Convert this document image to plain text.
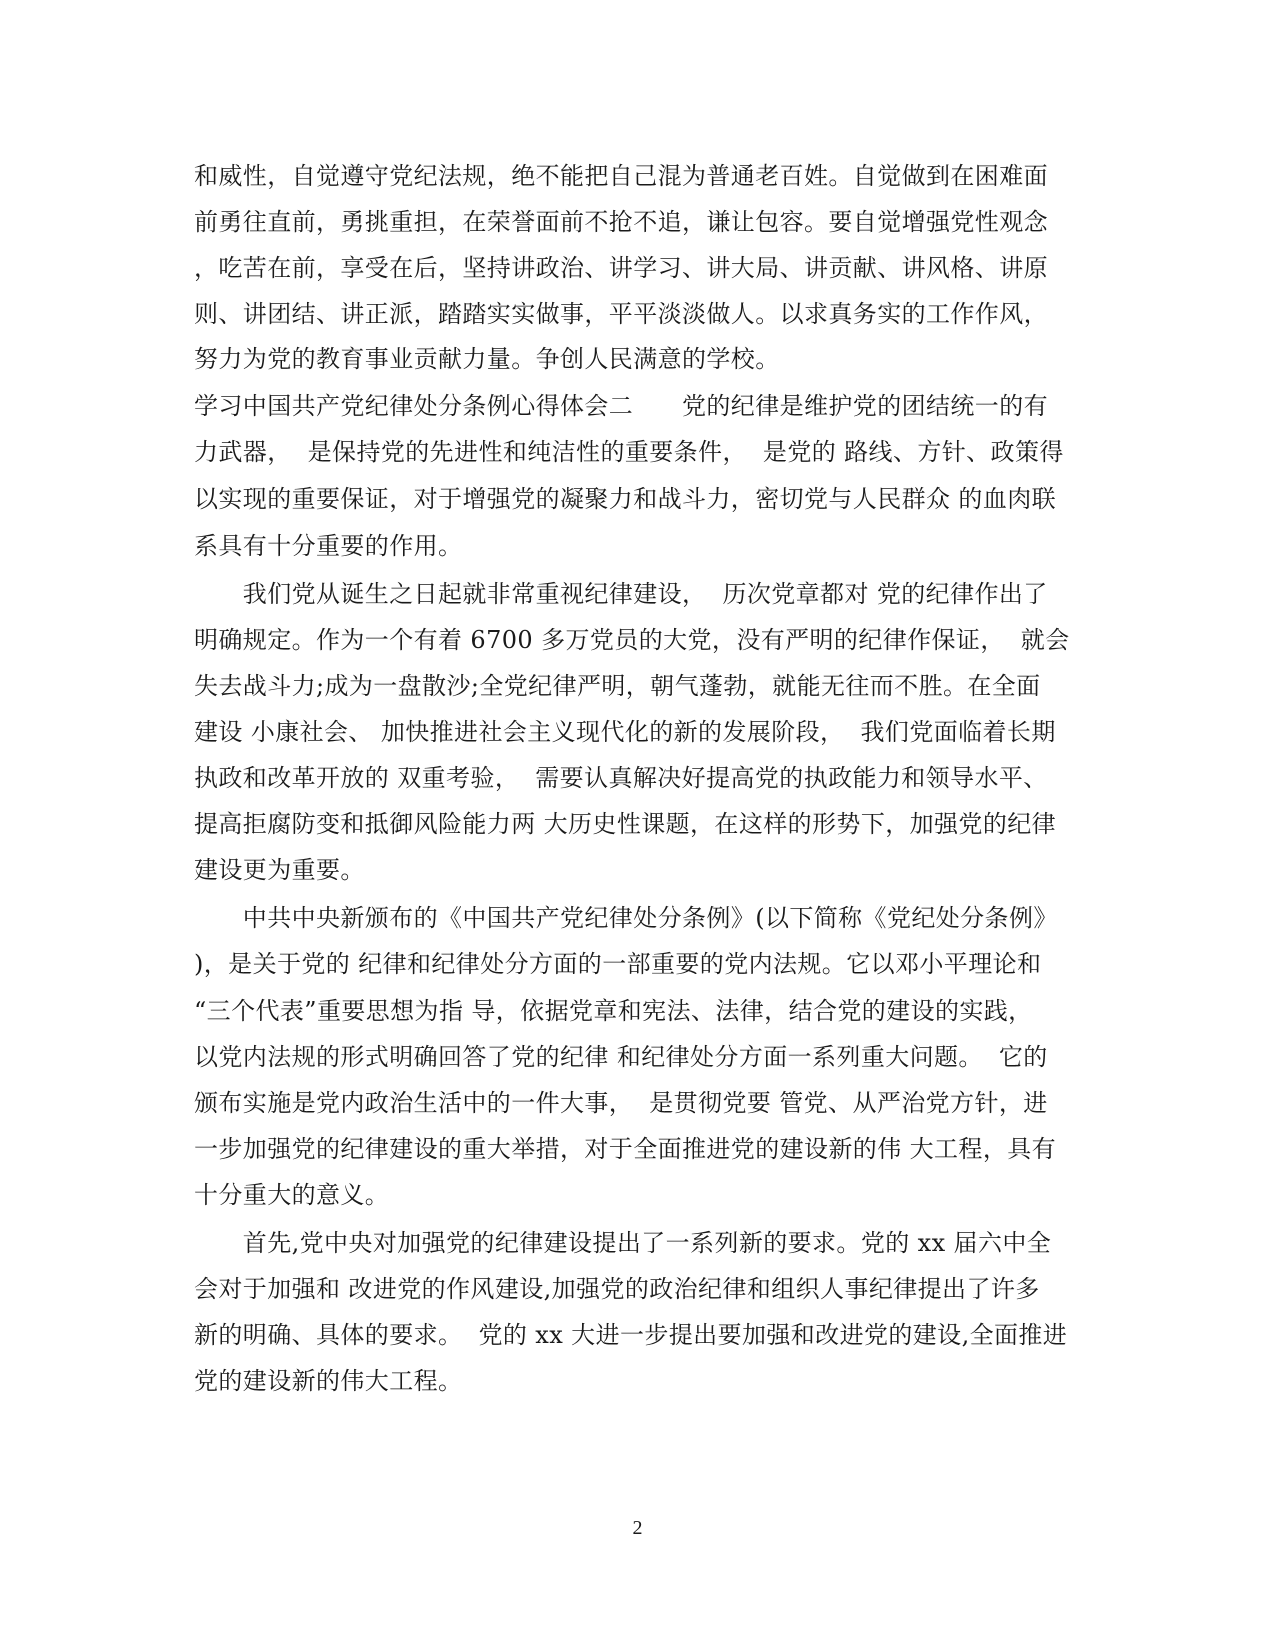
和威性，自觉遵守党纪法规，绝不能把自己混为普通老百姓。自觉做到在困难面
前勇往直前，勇挑重担，在荣誉面前不抢不追，谦让包容。要自觉增强党性观念
，吃苦在前，享受在后，坚持讲政治、讲学习、讲大局、讲贡献、讲风格、讲原
则、讲团结、讲正派，踏踏实实做事，平平淡淡做人。以求真务实的工作作风，
努力为党的教育事业贡献力量。争创人民满意的学校。
学习中国共产党纪律处分条例心得体会二　　党的纪律是维护党的团结统一的有
力武器，  是保持党的先进性和纯洁性的重要条件，  是党的 路线、方针、政策得
以实现的重要保证，对于增强党的凝聚力和战斗力，密切党与人民群众 的血肉联
系具有十分重要的作用。
　　我们党从诞生之日起就非常重视纪律建设，  历次党章都对 党的纪律作出了
明确规定。作为一个有着 6700 多万党员的大党，没有严明的纪律作保证，  就会
失去战斗力;成为一盘散沙;全党纪律严明，朝气蓬勃，就能无往而不胜。在全面
建设 小康社会、 加快推进社会主义现代化的新的发展阶段，  我们党面临着长期
执政和改革开放的 双重考验，  需要认真解决好提高党的执政能力和领导水平、
提高拒腐防变和抵御风险能力两 大历史性课题，在这样的形势下，加强党的纪律
建设更为重要。
　　中共中央新颁布的《中国共产党纪律处分条例》(以下简称《党纪处分条例》
)，是关于党的 纪律和纪律处分方面的一部重要的党内法规。它以邓小平理论和
“三个代表”重要思想为指 导，依据党章和宪法、法律，结合党的建设的实践，
以党内法规的形式明确回答了党的纪律 和纪律处分方面一系列重大问题。  它的
颁布实施是党内政治生活中的一件大事，  是贯彻党要 管党、从严治党方针，进
一步加强党的纪律建设的重大举措，对于全面推进党的建设新的伟 大工程，具有
十分重大的意义。
　　首先,党中央对加强党的纪律建设提出了一系列新的要求。党的 xx 届六中全
会对于加强和 改进党的作风建设,加强党的政治纪律和组织人事纪律提出了许多
新的明确、具体的要求。  党的 xx 大进一步提出要加强和改进党的建设,全面推进
党的建设新的伟大工程。
2
